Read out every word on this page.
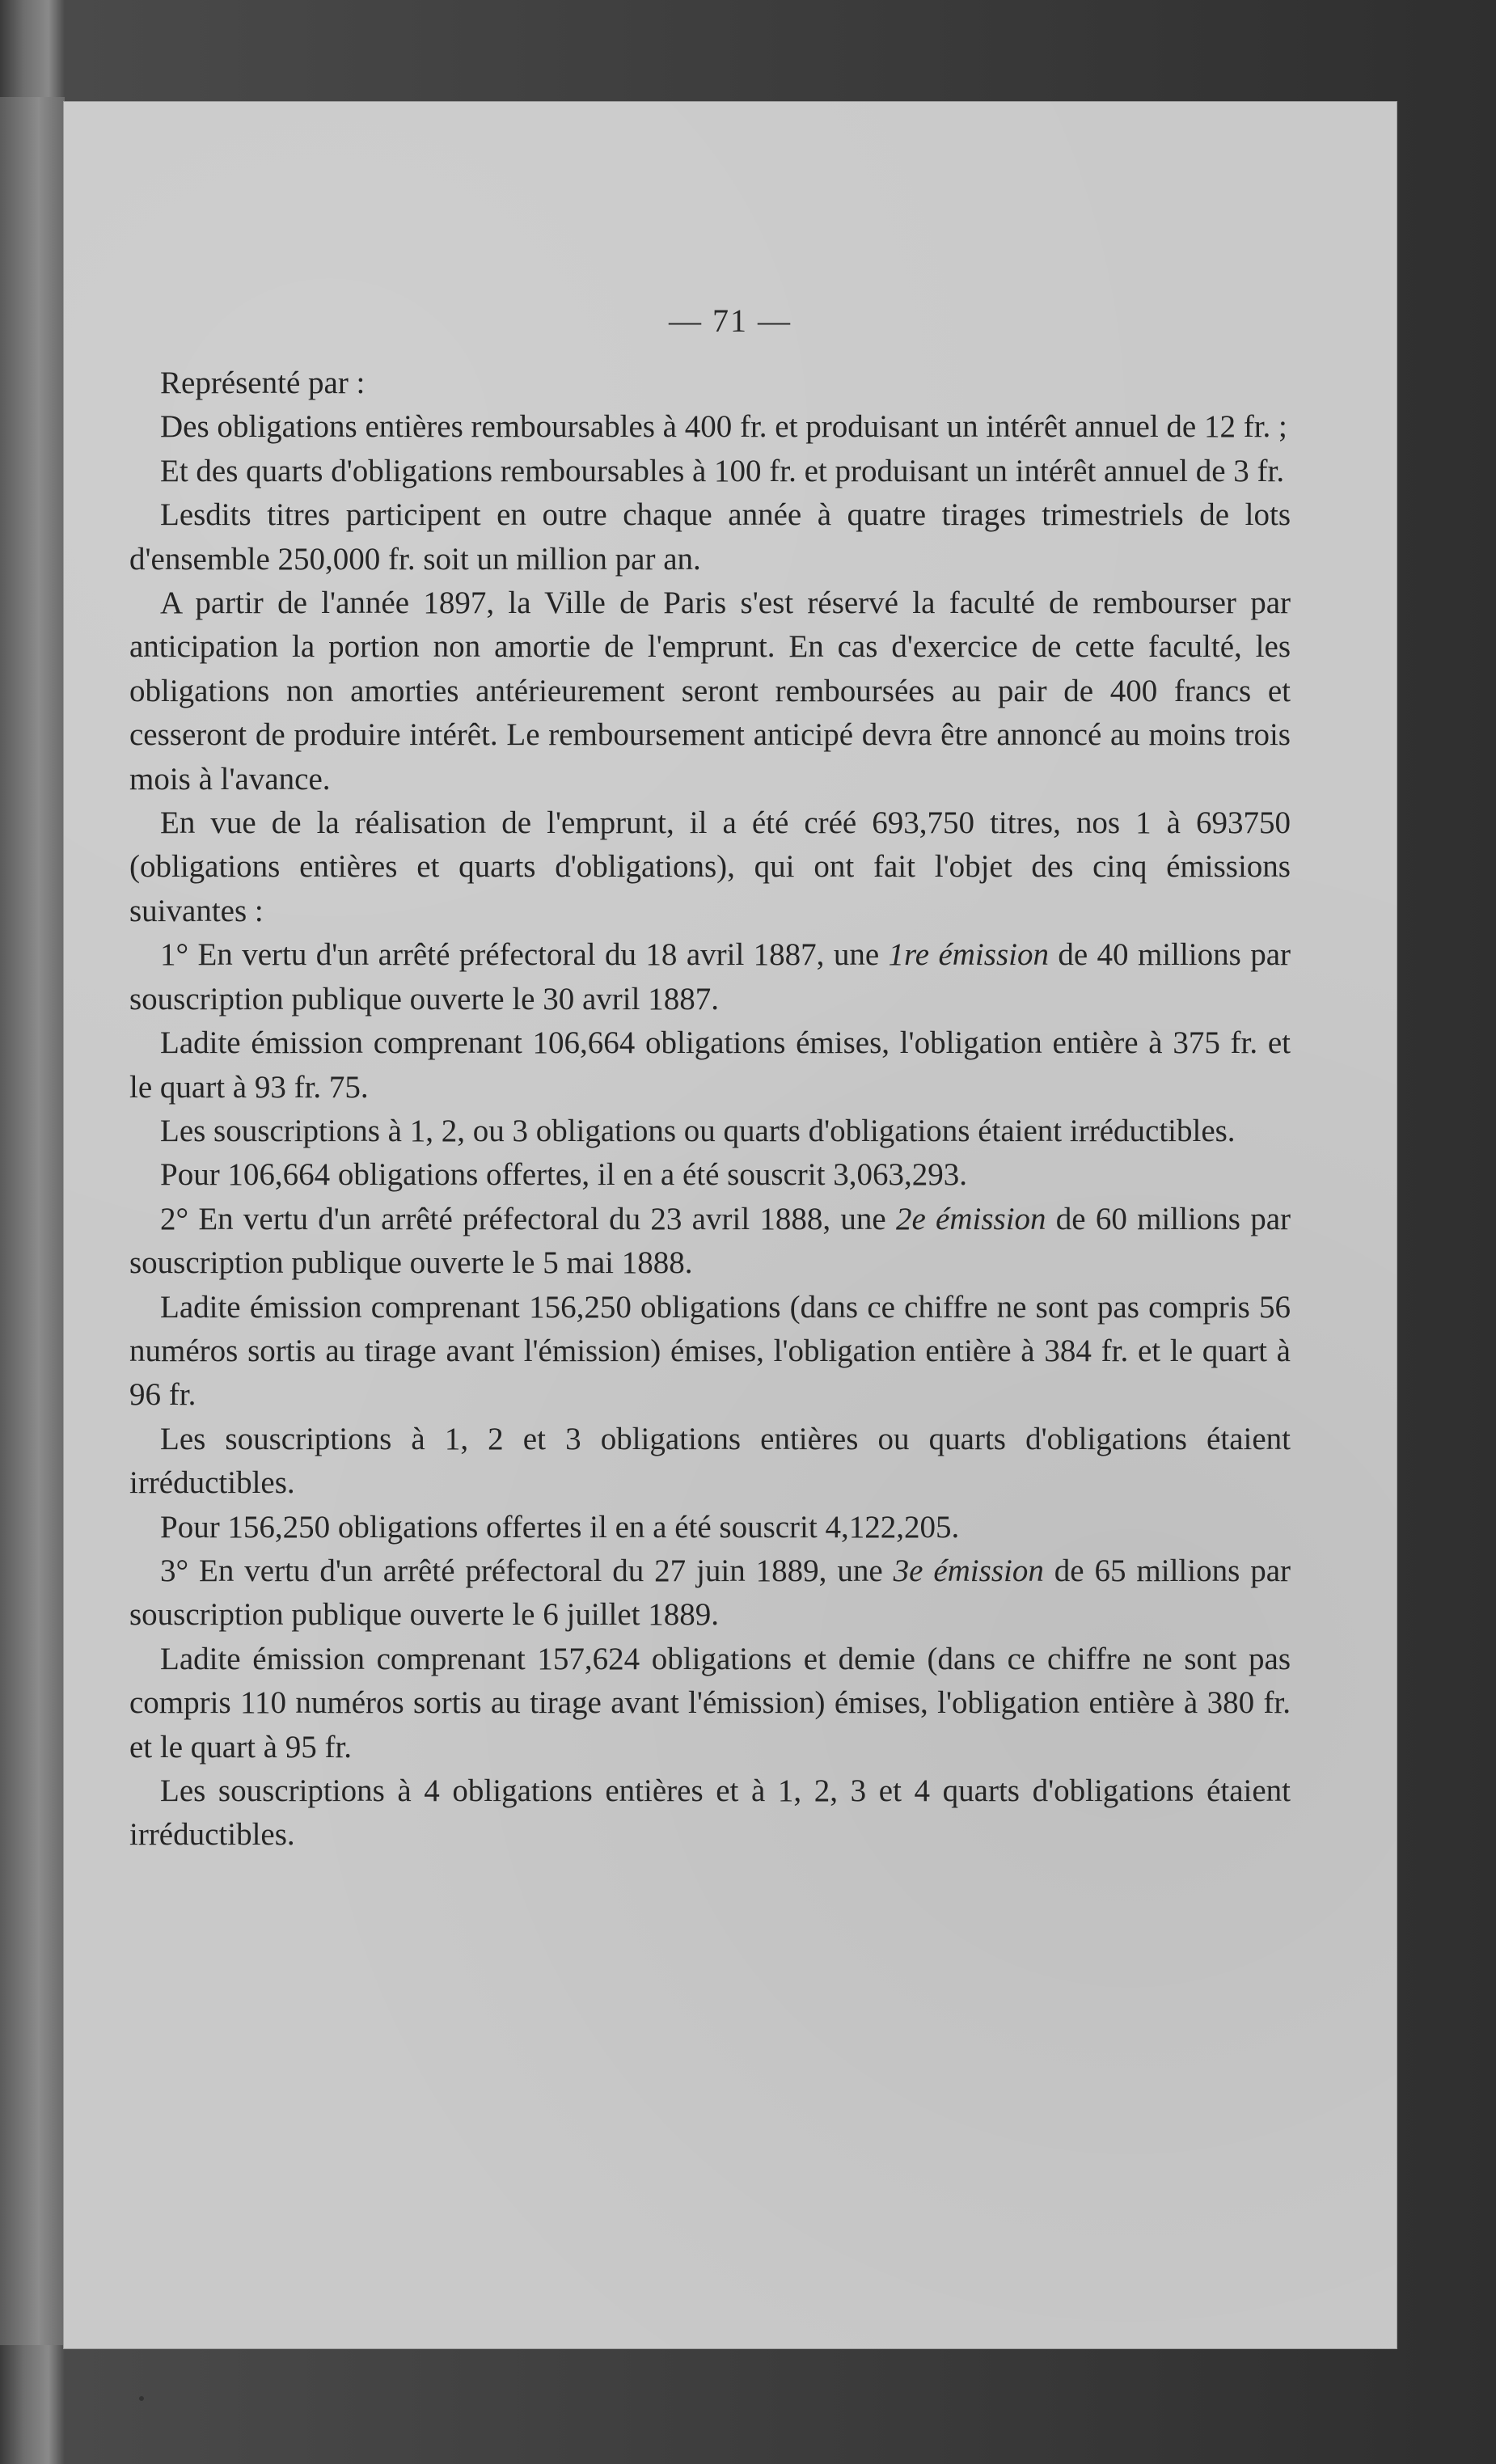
— 71 —

Représenté par :

Des obligations entières remboursables à 400 fr. et produisant un intérêt annuel de 12 fr. ;

Et des quarts d'obligations remboursables à 100 fr. et produisant un intérêt annuel de 3 fr.

Lesdits titres participent en outre chaque année à quatre tirages trimestriels de lots d'ensemble 250,000 fr. soit un million par an.

A partir de l'année 1897, la Ville de Paris s'est réservé la faculté de rembourser par anticipation la portion non amortie de l'emprunt. En cas d'exercice de cette faculté, les obligations non amorties antérieurement seront remboursées au pair de 400 francs et cesseront de produire intérêt. Le remboursement anticipé devra être annoncé au moins trois mois à l'avance.

En vue de la réalisation de l'emprunt, il a été créé 693,750 titres, nos 1 à 693750 (obligations entières et quarts d'obligations), qui ont fait l'objet des cinq émissions suivantes :

1° En vertu d'un arrêté préfectoral du 18 avril 1887, une 1re émission de 40 millions par souscription publique ouverte le 30 avril 1887.

Ladite émission comprenant 106,664 obligations émises, l'obligation entière à 375 fr. et le quart à 93 fr. 75.

Les souscriptions à 1, 2, ou 3 obligations ou quarts d'obligations étaient irréductibles.

Pour 106,664 obligations offertes, il en a été souscrit 3,063,293.

2° En vertu d'un arrêté préfectoral du 23 avril 1888, une 2e émission de 60 millions par souscription publique ouverte le 5 mai 1888.

Ladite émission comprenant 156,250 obligations (dans ce chiffre ne sont pas compris 56 numéros sortis au tirage avant l'émission) émises, l'obligation entière à 384 fr. et le quart à 96 fr.

Les souscriptions à 1, 2 et 3 obligations entières ou quarts d'obligations étaient irréductibles.

Pour 156,250 obligations offertes il en a été souscrit 4,122,205.

3° En vertu d'un arrêté préfectoral du 27 juin 1889, une 3e émission de 65 millions par souscription publique ouverte le 6 juillet 1889.

Ladite émission comprenant 157,624 obligations et demie (dans ce chiffre ne sont pas compris 110 numéros sortis au tirage avant l'émission) émises, l'obligation entière à 380 fr. et le quart à 95 fr.

Les souscriptions à 4 obligations entières et à 1, 2, 3 et 4 quarts d'obligations étaient irréductibles.
